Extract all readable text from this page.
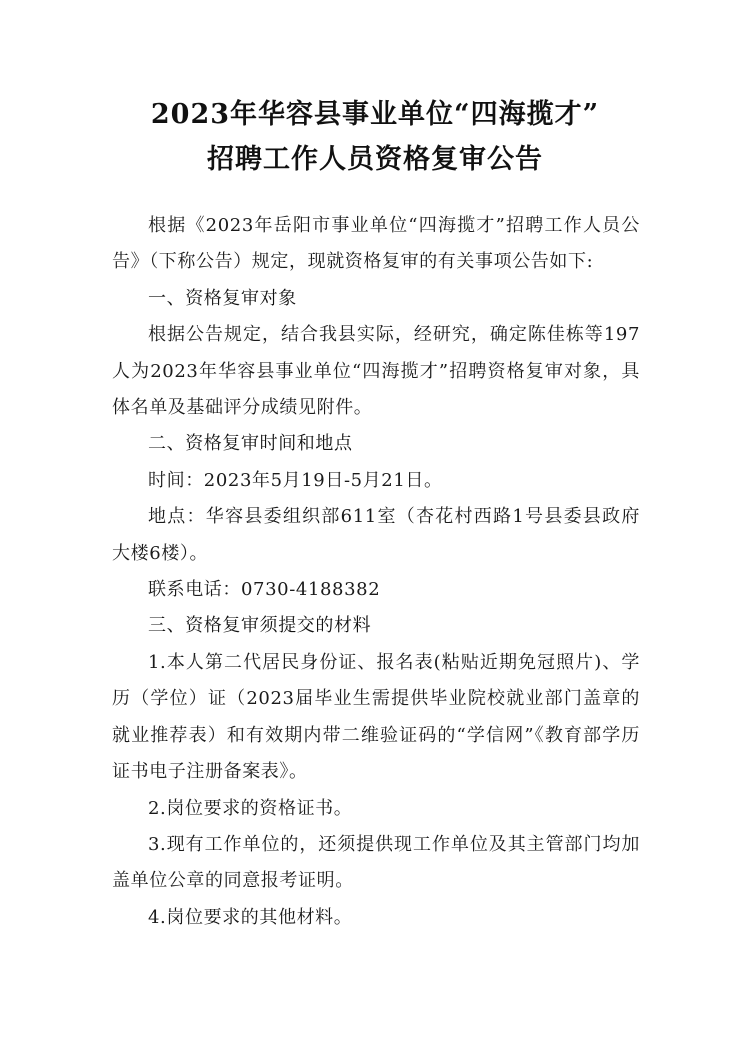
2023年华容县事业单位“四海揽才”
招聘工作人员资格复审公告

根据《2023年岳阳市事业单位“四海揽才”招聘工作人员公告》（下称公告）规定，现就资格复审的有关事项公告如下:

一、资格复审对象

根据公告规定，结合我县实际，经研究，确定陈佳栋等197人为2023年华容县事业单位“四海揽才”招聘资格复审对象，具体名单及基础评分成绩见附件。

二、资格复审时间和地点

时间：2023年5月19日-5月21日。

地点：华容县委组织部611室（杏花村西路1号县委县政府大楼6楼）。

联系电话：0730-4188382

三、资格复审须提交的材料

1.本人第二代居民身份证、报名表(粘贴近期免冠照片)、学历（学位）证（2023届毕业生需提供毕业院校就业部门盖章的就业推荐表）和有效期内带二维验证码的“学信网”《教育部学历证书电子注册备案表》。

2.岗位要求的资格证书。

3.现有工作单位的，还须提供现工作单位及其主管部门均加盖单位公章的同意报考证明。

4.岗位要求的其他材料。
